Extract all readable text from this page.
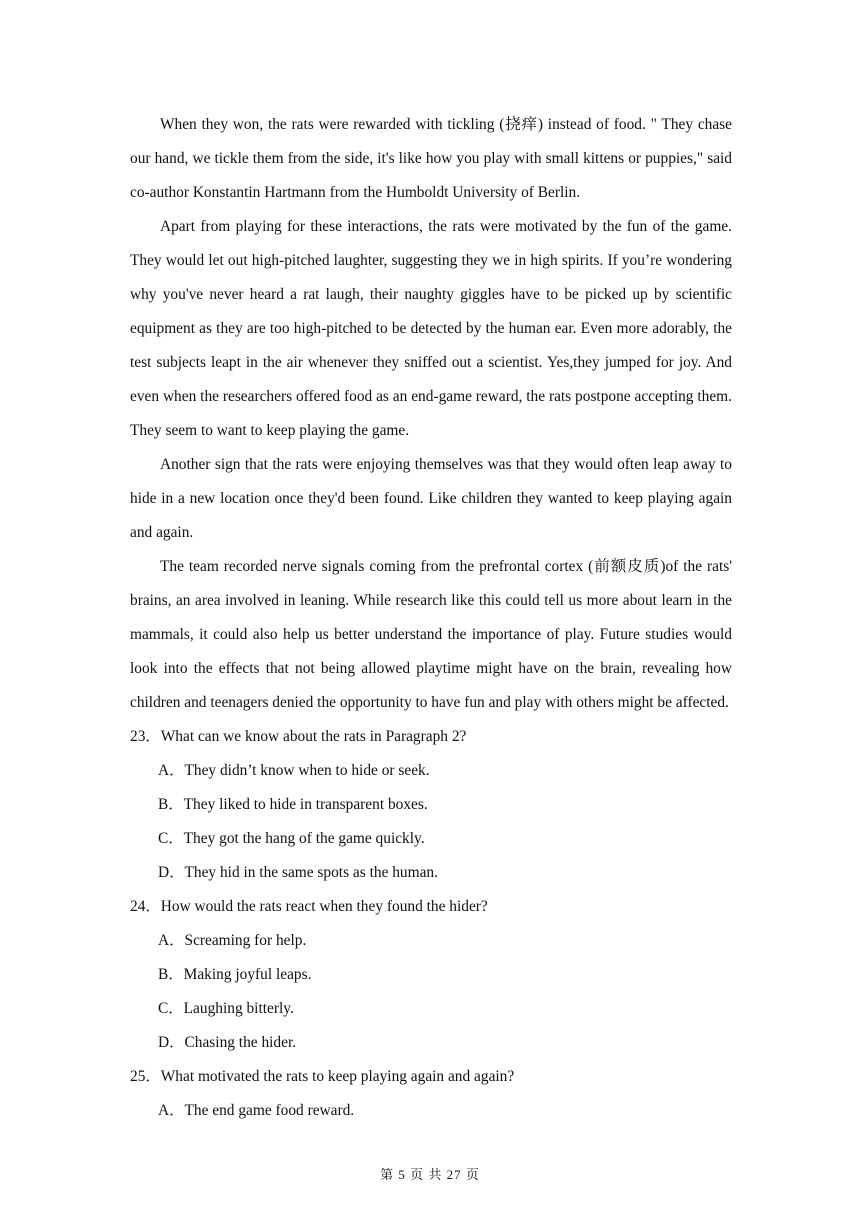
When they won, the rats were rewarded with tickling (挠痒) instead of food. " They chase our hand, we tickle them from the side, it's like how you play with small kittens or puppies," said co-author Konstantin Hartmann from the Humboldt University of Berlin.

Apart from playing for these interactions, the rats were motivated by the fun of the game. They would let out high-pitched laughter, suggesting they we in high spirits. If you’re wondering why you've never heard a rat laugh, their naughty giggles have to be picked up by scientific equipment as they are too high-pitched to be detected by the human ear. Even more adorably, the test subjects leapt in the air whenever they sniffed out a scientist. Yes,they jumped for joy. And even when the researchers offered food as an end-game reward, the rats postpone accepting them. They seem to want to keep playing the game.

Another sign that the rats were enjoying themselves was that they would often leap away to hide in a new location once they'd been found. Like children they wanted to keep playing again and again.

The team recorded nerve signals coming from the prefrontal cortex (前额皮质)of the rats' brains, an area involved in leaning. While research like this could tell us more about learn in the mammals, it could also help us better understand the importance of play. Future studies would look into the effects that not being allowed playtime might have on the brain, revealing how children and teenagers denied the opportunity to have fun and play with others might be affected.

23．What can we know about the rats in Paragraph 2?

A．They didn’t know when to hide or seek.

B．They liked to hide in transparent boxes.

C．They got the hang of the game quickly.

D．They hid in the same spots as the human.

24．How would the rats react when they found the hider?

A．Screaming for help.

B．Making joyful leaps.

C．Laughing bitterly.

D．Chasing the hider.

25．What motivated the rats to keep playing again and again?

A．The end game food reward.

第 5 页 共 27 页
